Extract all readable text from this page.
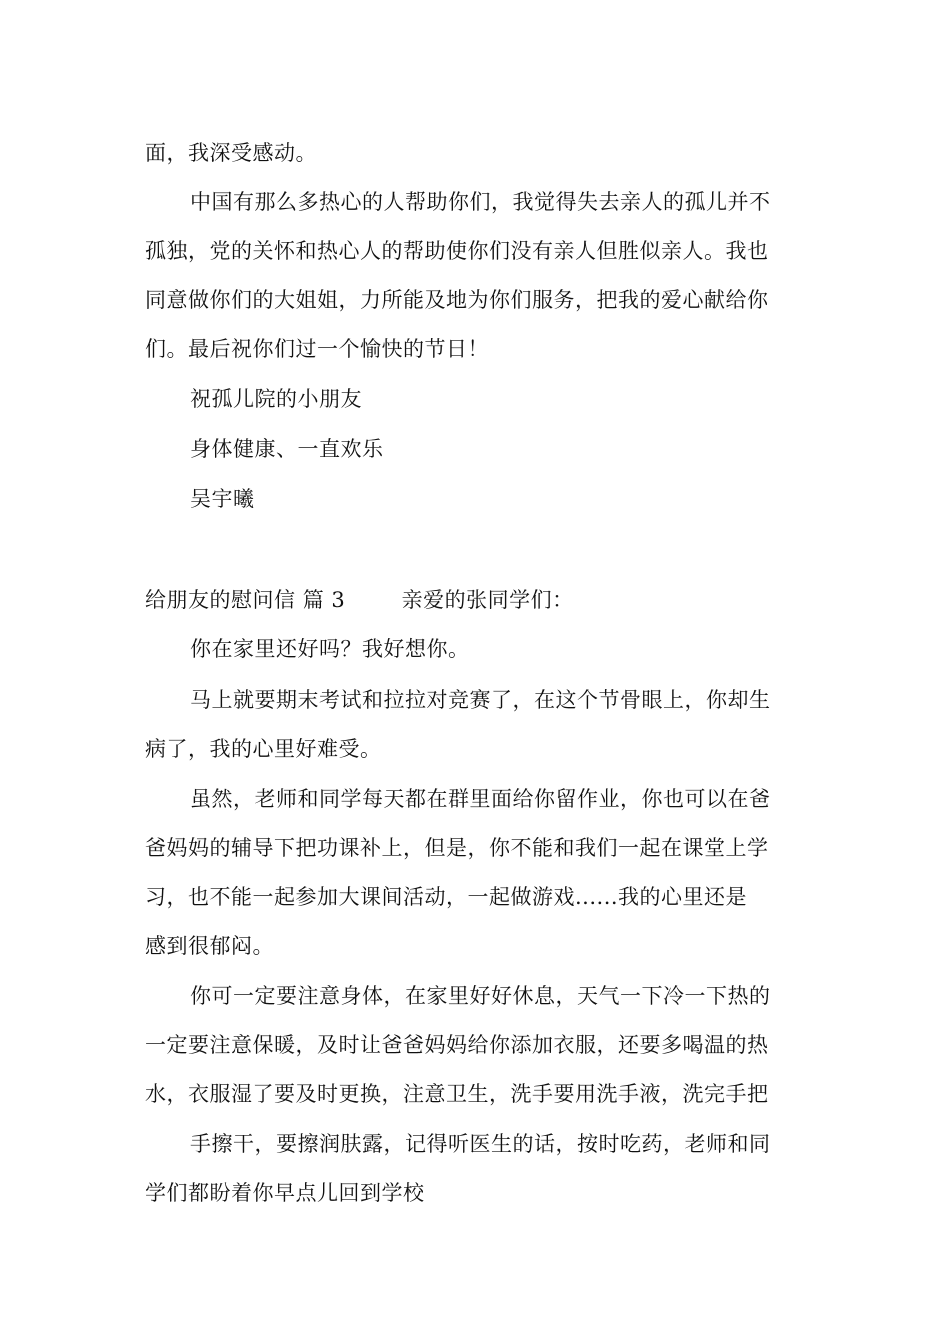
面，我深受感动。
中国有那么多热心的人帮助你们，我觉得失去亲人的孤儿并不
孤独，党的关怀和热心人的帮助使你们没有亲人但胜似亲人。我也
同意做你们的大姐姐，力所能及地为你们服务，把我的爱心献给你
们。最后祝你们过一个愉快的节日！
祝孤儿院的小朋友
身体健康、一直欢乐
吴宇曦
给朋友的慰问信 篇 3	亲爱的张同学们：
你在家里还好吗？我好想你。
马上就要期末考试和拉拉对竞赛了，在这个节骨眼上，你却生
病了，我的心里好难受。
虽然，老师和同学每天都在群里面给你留作业，你也可以在爸
爸妈妈的辅导下把功课补上，但是，你不能和我们一起在课堂上学
习，也不能一起参加大课间活动，一起做游戏......我的心里还是
感到很郁闷。
你可一定要注意身体，在家里好好休息，天气一下冷一下热的
一定要注意保暖，及时让爸爸妈妈给你添加衣服，还要多喝温的热
水，衣服湿了要及时更换，注意卫生，洗手要用洗手液，洗完手把
手擦干，要擦润肤露，记得听医生的话，按时吃药，老师和同
学们都盼着你早点儿回到学校
